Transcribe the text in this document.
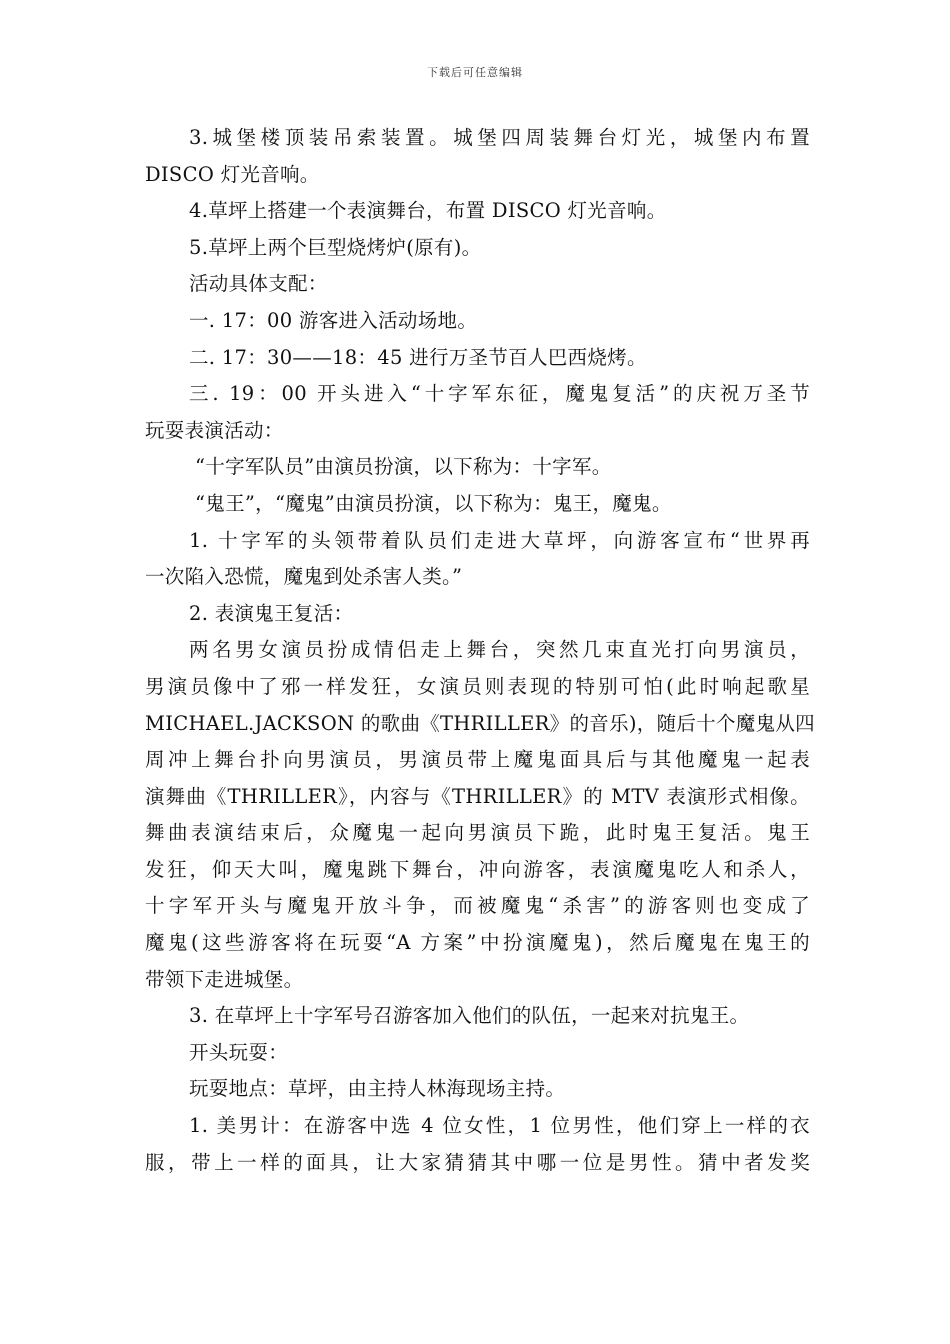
下载后可任意编辑
3.城堡楼顶装吊索装置。城堡四周装舞台灯光，城堡内布置
DISCO 灯光音响。
4.草坪上搭建一个表演舞台，布置 DISCO 灯光音响。
5.草坪上两个巨型烧烤炉(原有)。
活动具体支配：
一. 17：00 游客进入活动场地。
二. 17：30——18：45 进行万圣节百人巴西烧烤。
三. 19：00 开头进入“十字军东征，魔鬼复活”的庆祝万圣节
玩耍表演活动：
“十字军队员”由演员扮演，以下称为：十字军。
“鬼王”，“魔鬼”由演员扮演，以下称为：鬼王，魔鬼。
1. 十字军的头领带着队员们走进大草坪，向游客宣布“世界再
一次陷入恐慌，魔鬼到处杀害人类。”
2. 表演鬼王复活：
两名男女演员扮成情侣走上舞台，突然几束直光打向男演员，
男演员像中了邪一样发狂，女演员则表现的特别可怕(此时响起歌星
MICHAEL.JACKSON 的歌曲《THRILLER》的音乐)，随后十个魔鬼从四
周冲上舞台扑向男演员，男演员带上魔鬼面具后与其他魔鬼一起表
演舞曲《THRILLER》，内容与《THRILLER》的 MTV 表演形式相像。
舞曲表演结束后，众魔鬼一起向男演员下跪，此时鬼王复活。鬼王
发狂，仰天大叫，魔鬼跳下舞台，冲向游客，表演魔鬼吃人和杀人，
十字军开头与魔鬼开放斗争，而被魔鬼“杀害”的游客则也变成了
魔鬼(这些游客将在玩耍“A 方案”中扮演魔鬼)，然后魔鬼在鬼王的
带领下走进城堡。
3. 在草坪上十字军号召游客加入他们的队伍，一起来对抗鬼王。
开头玩耍：
玩耍地点：草坪，由主持人林海现场主持。
1. 美男计：在游客中选 4 位女性，1 位男性，他们穿上一样的衣
服，带上一样的面具，让大家猜猜其中哪一位是男性。猜中者发奖
